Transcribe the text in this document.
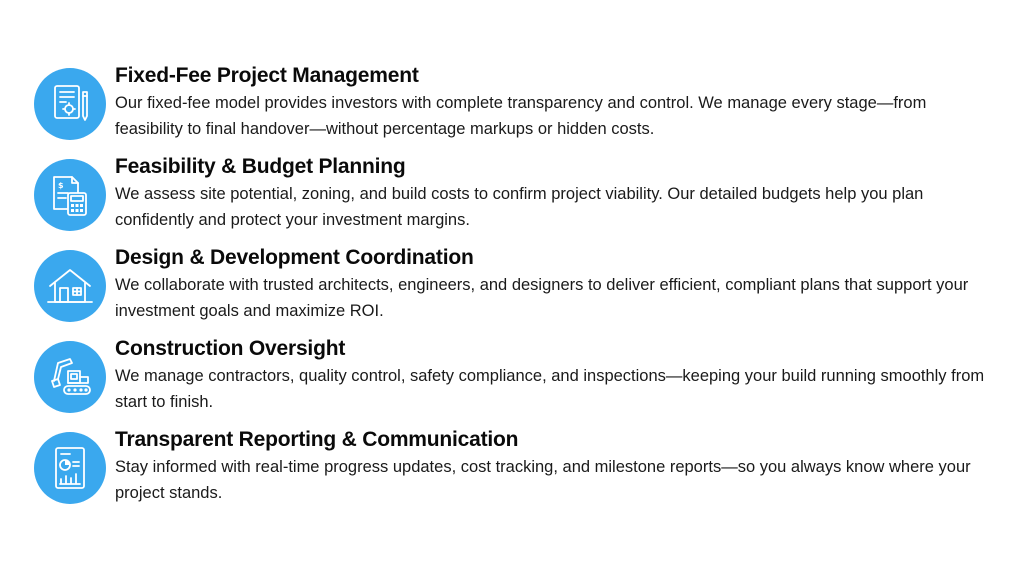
Fixed-Fee Project Management
Our fixed-fee model provides investors with complete transparency and control. We manage every stage—from feasibility to final handover—without percentage markups or hidden costs.
$
Feasibility & Budget Planning
We assess site potential, zoning, and build costs to confirm project viability. Our detailed budgets help you plan confidently and protect your investment margins.
Design & Development Coordination
We collaborate with trusted architects, engineers, and designers to deliver efficient, compliant plans that support your investment goals and maximize ROI.
Construction Oversight
We manage contractors, quality control, safety compliance, and inspections—keeping your build running smoothly from start to finish.
Transparent Reporting & Communication
Stay informed with real-time progress updates, cost tracking, and milestone reports—so you always know where your project stands.
